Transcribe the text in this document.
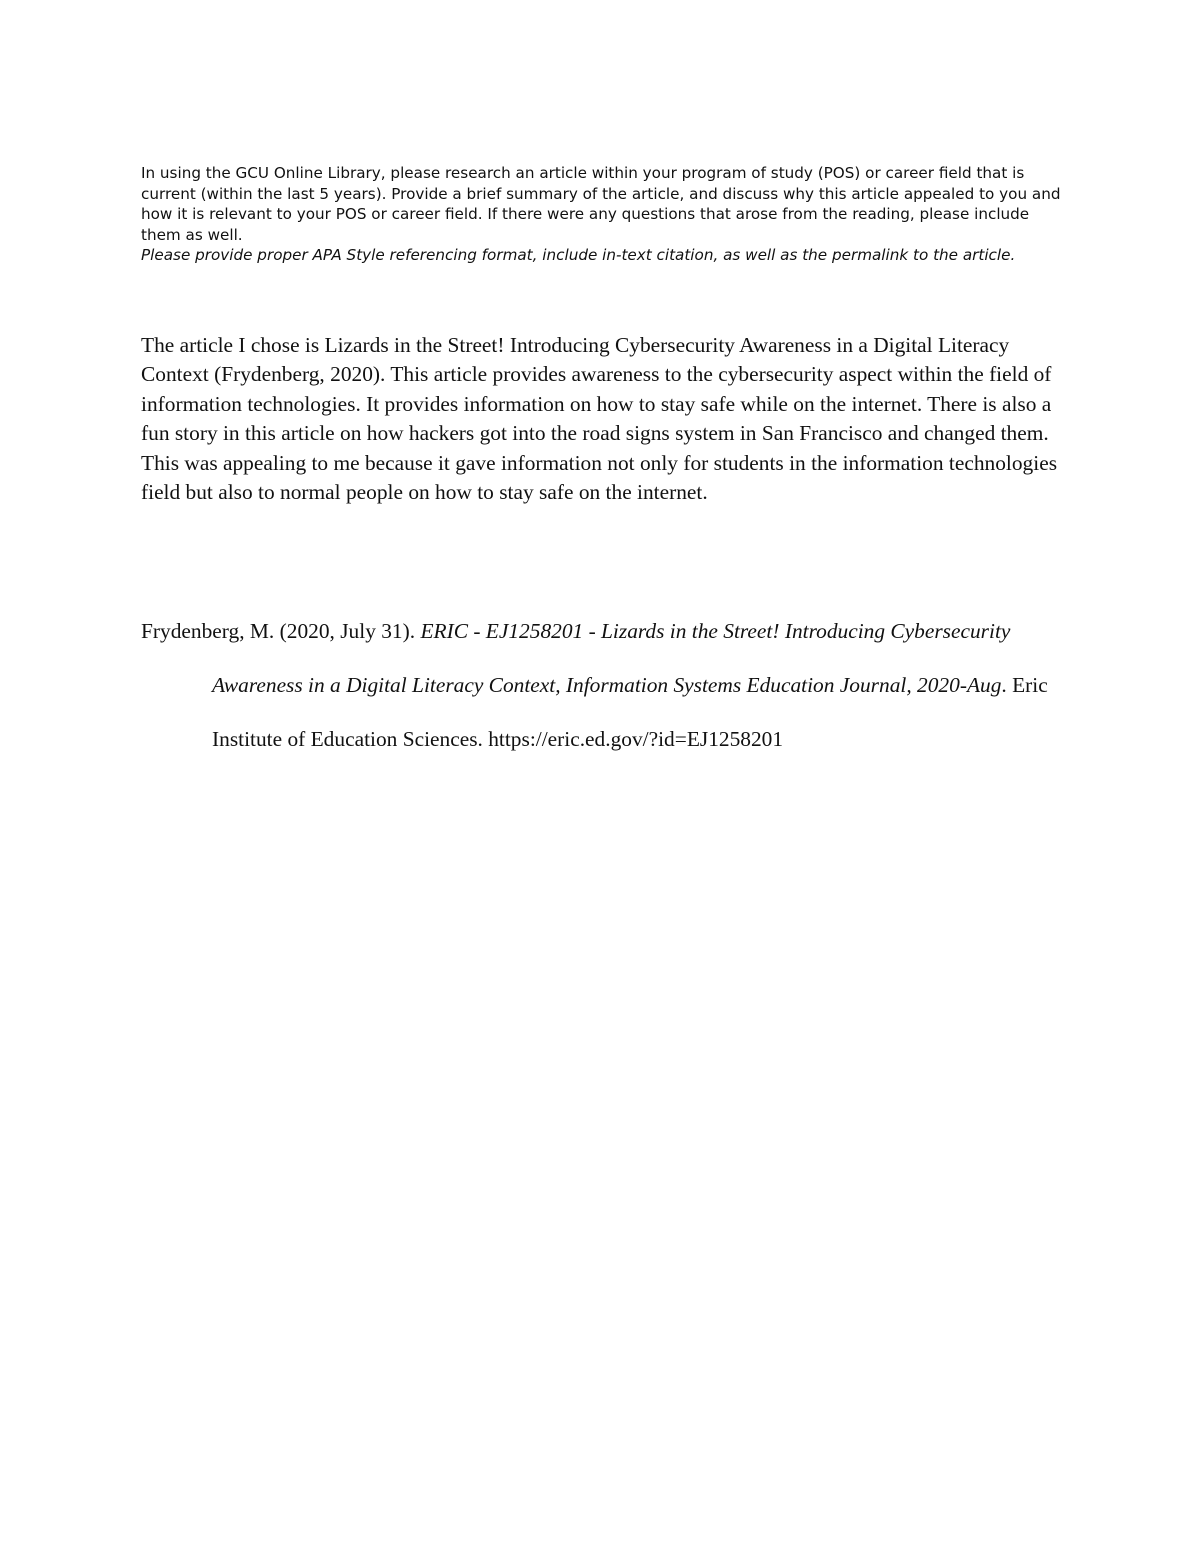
In using the GCU Online Library, please research an article within your program of study (POS) or career field that is current (within the last 5 years). Provide a brief summary of the article, and discuss why this article appealed to you and how it is relevant to your POS or career field. If there were any questions that arose from the reading, please include them as well.

Please provide proper APA Style referencing format, include in-text citation, as well as the permalink to the article.

The article I chose is Lizards in the Street! Introducing Cybersecurity Awareness in a Digital Literacy Context (Frydenberg, 2020). This article provides awareness to the cybersecurity aspect within the field of information technologies. It provides information on how to stay safe while on the internet. There is also a fun story in this article on how hackers got into the road signs system in San Francisco and changed them. This was appealing to me because it gave information not only for students in the information technologies field but also to normal people on how to stay safe on the internet.

Frydenberg, M. (2020, July 31). ERIC - EJ1258201 - Lizards in the Street! Introducing Cybersecurity Awareness in a Digital Literacy Context, Information Systems Education Journal, 2020-Aug. Eric Institute of Education Sciences. https://eric.ed.gov/?id=EJ1258201
